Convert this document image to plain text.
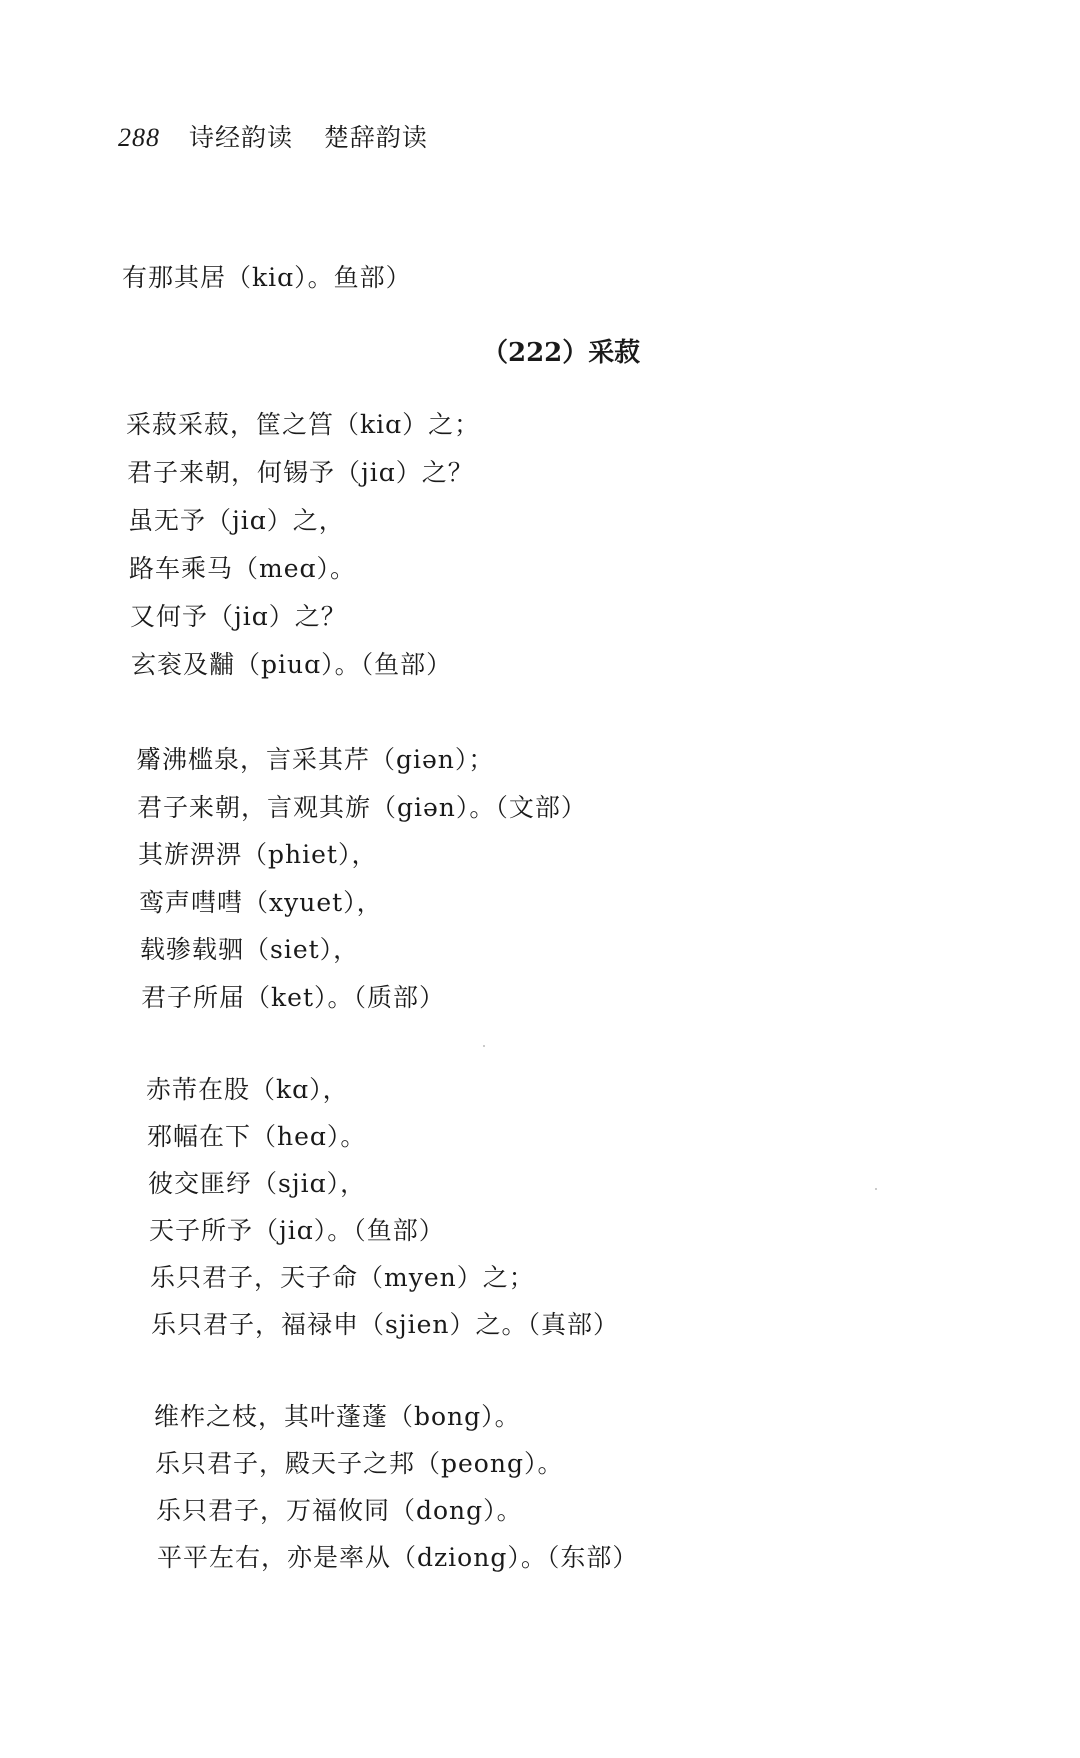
288 诗经韵读 楚辞韵读
有那其居（kiɑ）。鱼部）
（222）采菽
采菽采菽，筐之筥（kiɑ）之；
君子来朝，何锡予（jiɑ）之？
虽无予（jiɑ）之，
路车乘马（meɑ）。
又何予（jiɑ）之？
玄衮及黼（piuɑ）。（鱼部）
觱沸槛泉，言采其芹（giən）；
君子来朝，言观其旂（giən）。（文部）
其旂淠淠（phiet），
鸾声嘒嘒（xyuet），
载骖载驷（siet），
君子所届（ket）。（质部）
赤芾在股（kɑ），
邪幅在下（heɑ）。
彼交匪纾（sjiɑ），
天子所予（jiɑ）。（鱼部）
乐只君子，天子命（myen）之；
乐只君子，福禄申（sjien）之。（真部）
维柞之枝，其叶蓬蓬（bong）。
乐只君子，殿天子之邦（peong）。
乐只君子，万福攸同（dong）。
平平左右，亦是率从（dziong）。（东部）
